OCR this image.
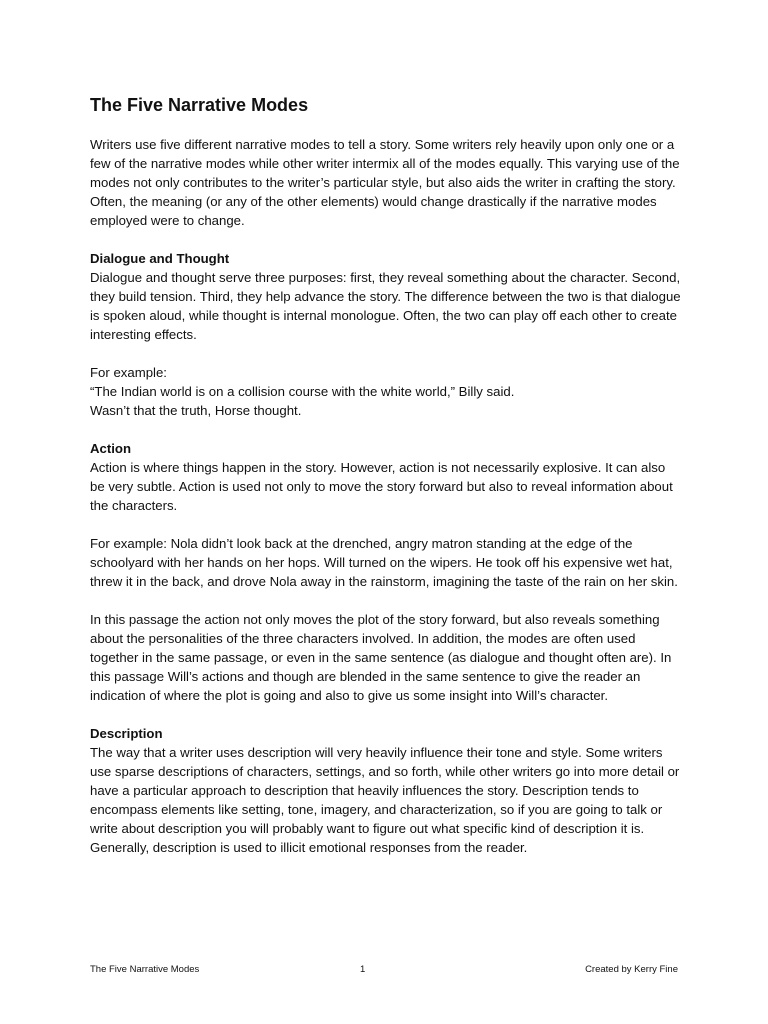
The Five Narrative Modes

Writers use five different narrative modes to tell a story. Some writers rely heavily upon only one or a few of the narrative modes while other writer intermix all of the modes equally. This varying use of the modes not only contributes to the writer’s particular style, but also aids the writer in crafting the story. Often, the meaning (or any of the other elements) would change drastically if the narrative modes employed were to change.

Dialogue and Thought

Dialogue and thought serve three purposes: first, they reveal something about the character. Second, they build tension. Third, they help advance the story. The difference between the two is that dialogue is spoken aloud, while thought is internal monologue. Often, the two can play off each other to create interesting effects.

For example:

“The Indian world is on a collision course with the white world,” Billy said.

Wasn’t that the truth, Horse thought.

Action

Action is where things happen in the story. However, action is not necessarily explosive. It can also be very subtle. Action is used not only to move the story forward but also to reveal information about the characters.

For example: Nola didn’t look back at the drenched, angry matron standing at the edge of the schoolyard with her hands on her hops. Will turned on the wipers. He took off his expensive wet hat, threw it in the back, and drove Nola away in the rainstorm, imagining the taste of the rain on her skin.

In this passage the action not only moves the plot of the story forward, but also reveals something about the personalities of the three characters involved. In addition, the modes are often used together in the same passage, or even in the same sentence (as dialogue and thought often are). In this passage Will’s actions and though are blended in the same sentence to give the reader an indication of where the plot is going and also to give us some insight into Will’s character.

Description

The way that a writer uses description will very heavily influence their tone and style. Some writers use sparse descriptions of characters, settings, and so forth, while other writers go into more detail or have a particular approach to description that heavily influences the story. Description tends to encompass elements like setting, tone, imagery, and characterization, so if you are going to talk or write about description you will probably want to figure out what specific kind of description it is. Generally, description is used to illicit emotional responses from the reader.

The Five Narrative Modes	1	Created by Kerry Fine
